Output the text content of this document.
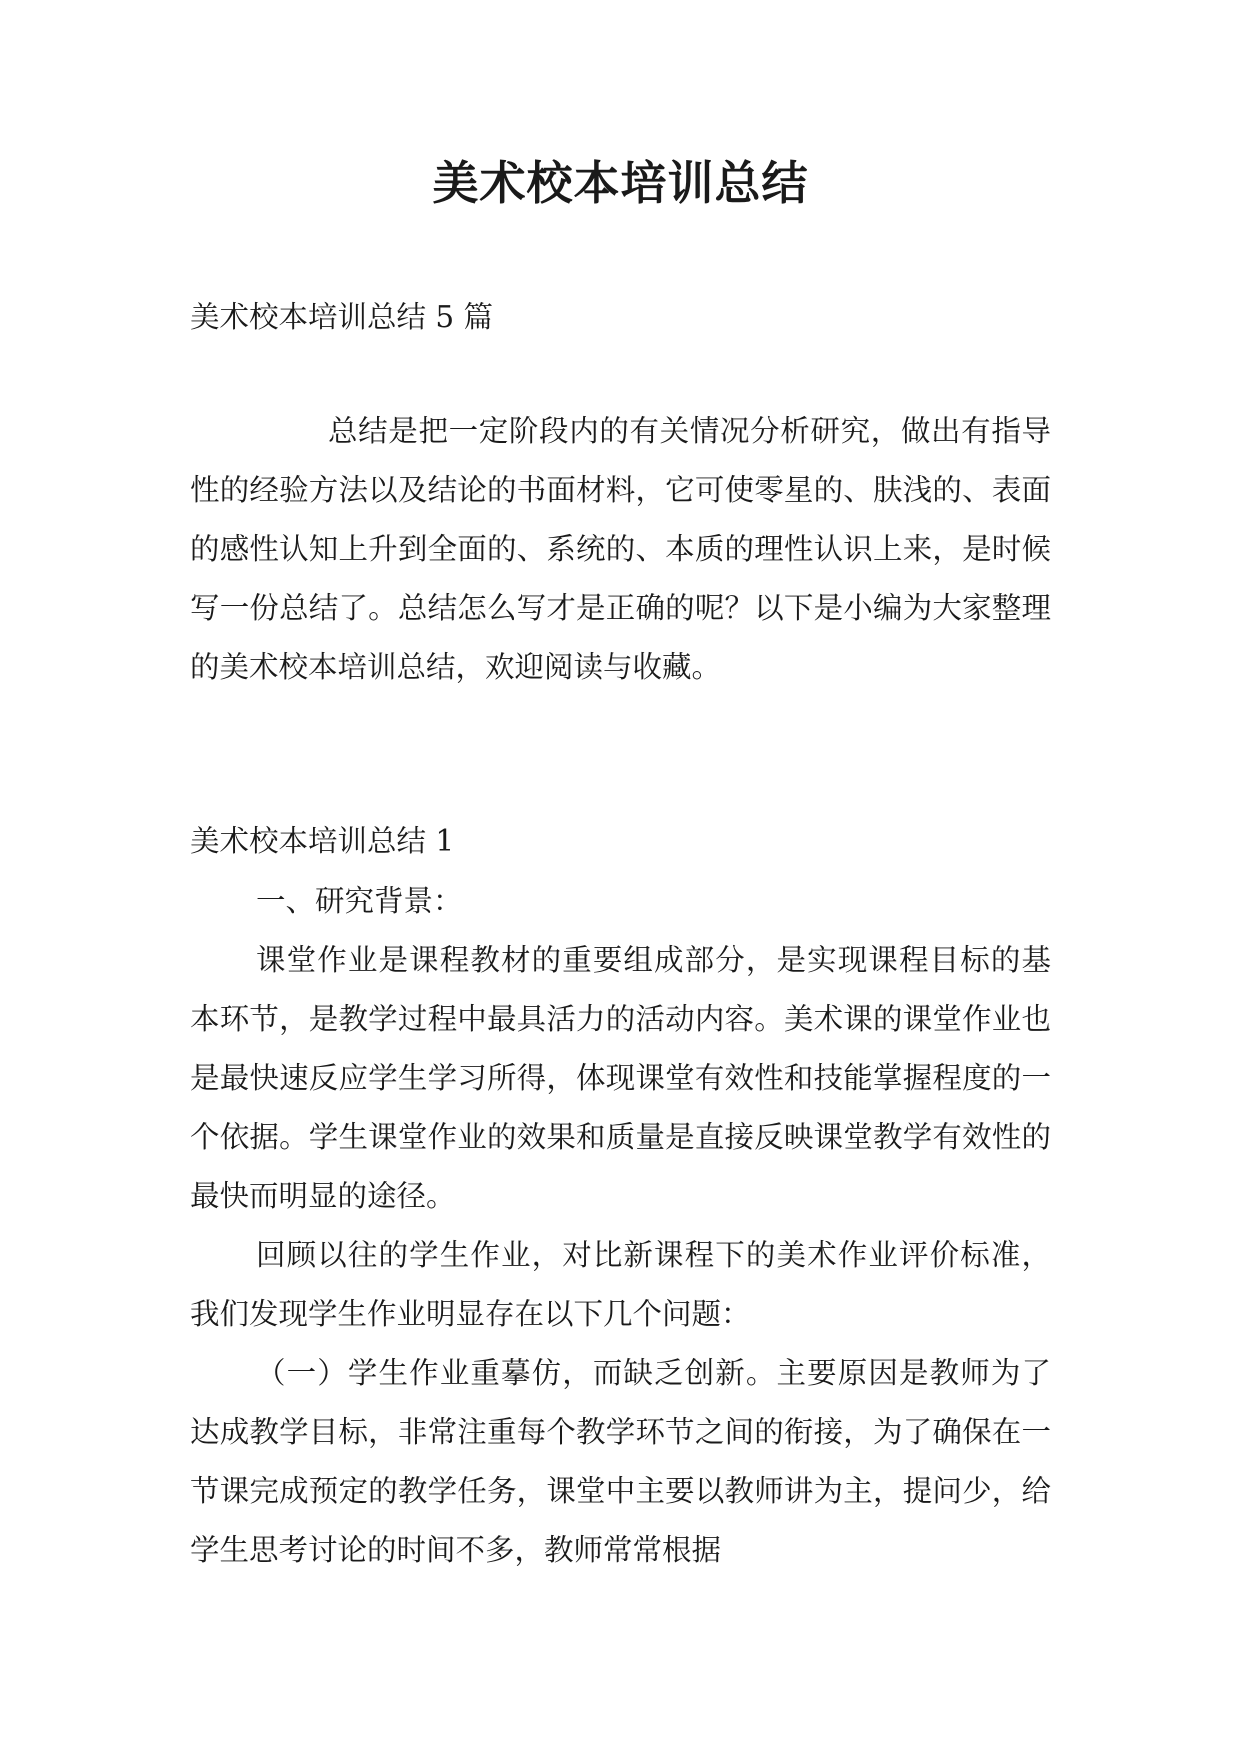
美术校本培训总结

美术校本培训总结 5 篇

总结是把一定阶段内的有关情况分析研究，做出有指导性的经验方法以及结论的书面材料，它可使零星的、肤浅的、表面的感性认知上升到全面的、系统的、本质的理性认识上来，是时候写一份总结了。总结怎么写才是正确的呢？以下是小编为大家整理的美术校本培训总结，欢迎阅读与收藏。

美术校本培训总结 1

一、研究背景：

课堂作业是课程教材的重要组成部分，是实现课程目标的基本环节，是教学过程中最具活力的活动内容。美术课的课堂作业也是最快速反应学生学习所得，体现课堂有效性和技能掌握程度的一个依据。学生课堂作业的效果和质量是直接反映课堂教学有效性的最快而明显的途径。

回顾以往的学生作业，对比新课程下的美术作业评价标准，我们发现学生作业明显存在以下几个问题：

（一）学生作业重摹仿，而缺乏创新。主要原因是教师为了达成教学目标，非常注重每个教学环节之间的衔接，为了确保在一节课完成预定的教学任务，课堂中主要以教师讲为主，提问少，给学生思考讨论的时间不多，教师常常根据
